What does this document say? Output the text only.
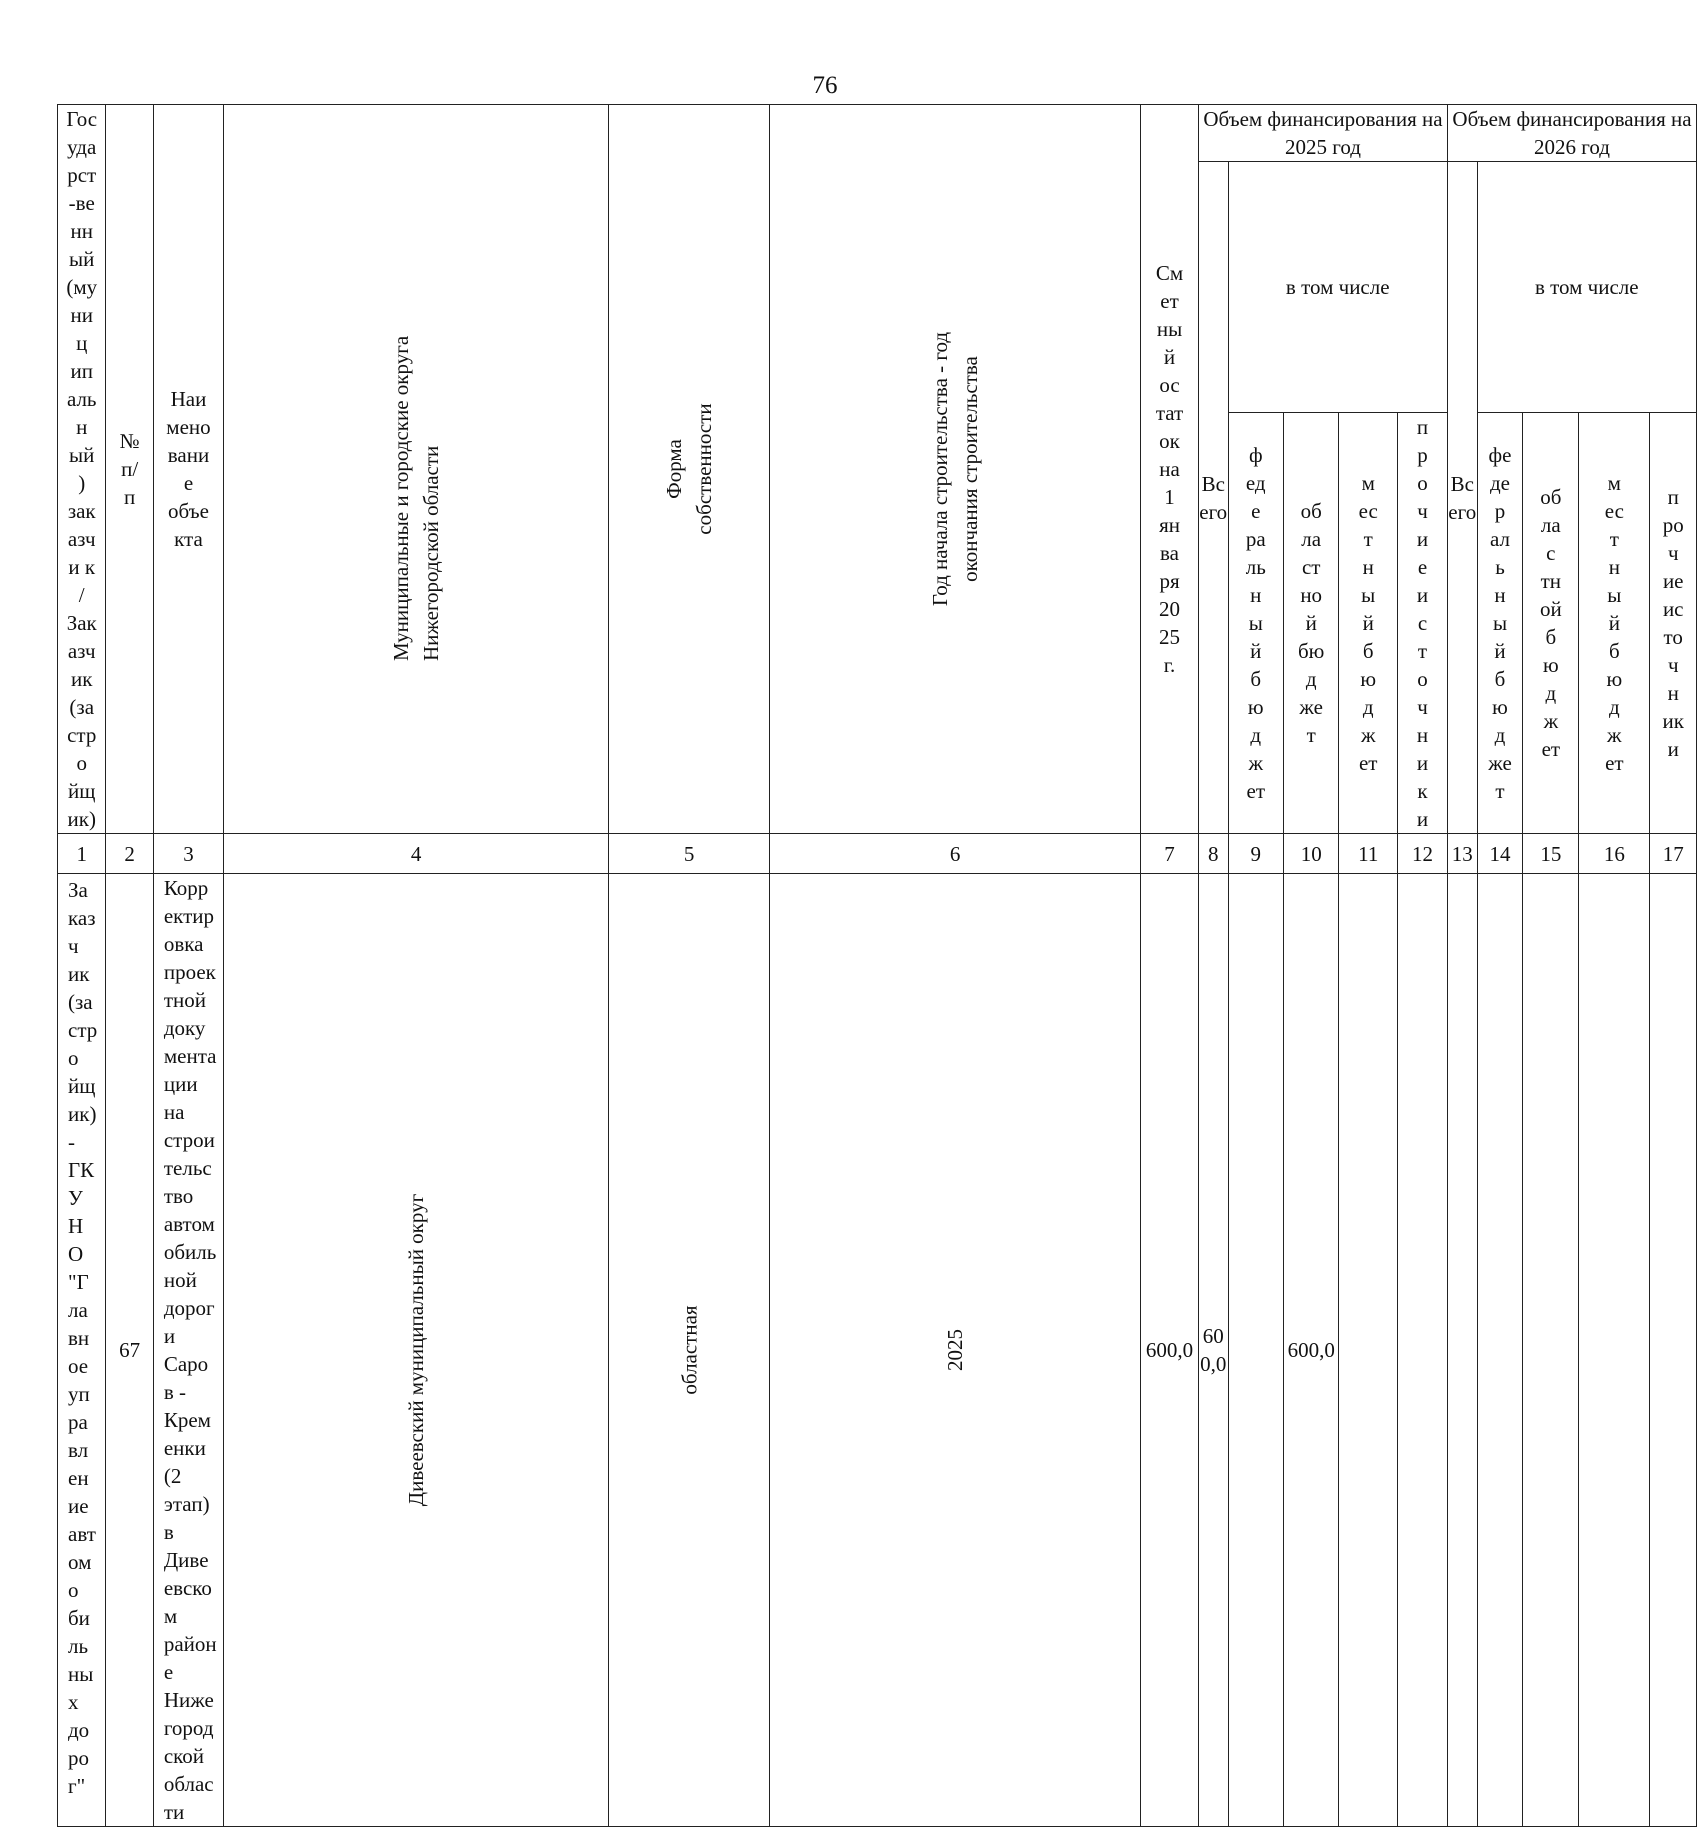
76
Госуда рст-венный (муниц ипальн ый) заказчи к / Заказч ик (застро йщик)	№ п/п	Наименование объекта	Муниципальные и городские округа Нижегородской области	Форма собственности	Год начала строительства - год окончания строительства	Смет ный остаток на 1 января 2025 г.	Объем финансирования на 2025 год					Объем финансирования на 2026 год				
							Всего	в том числе				Всего	в том числе			
								феде раль ный бюд жет	област ной бюд жет	мест ный бюд жет	про чие исто чни ки		федер аль ный бюд жет	облас тной бюд жет	мест ный бюд жет	про чие источ ники
1	2	3	4	5	6	7	8	9	10	11	12	13	14	15	16	17
Заказч ик (застро йщик) - ГКУ НО "Главн ое управл ение автомо бильны х дорог"	67	Корректировка проектной документации на строительство автомобильной дороги Саров - Кременки (2 этап) в Дивеевском районе Нижегородской области	Дивеевский муниципальный округ	областная	2025	600,0	600,0		600,0							
